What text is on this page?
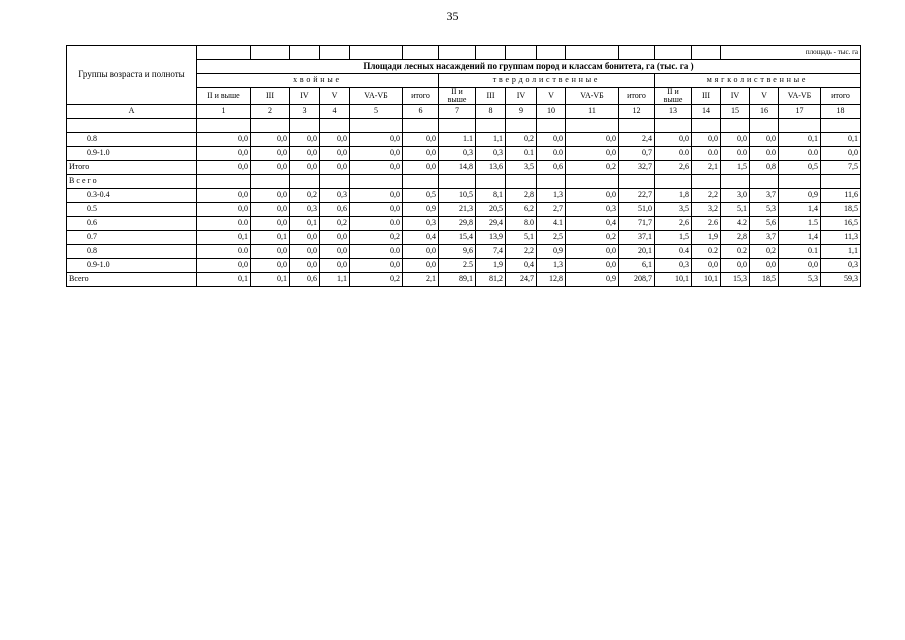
35
Группы возраста и полноты															площадь - тыс. га			
	Площади лесных насаждений по группам пород и классам бонитета, га (тыс. га )																	
	хвойные						твердолиственные						мягколиственные					
	II и выше	III	IV	V	VA-VБ	итого	II и выше	III	IV	V	VA-VБ	итого	II и выше	III	IV	V	VA-VБ	итого
А	1	2	3	4	5	6	7	8	9	10	11	12	13	14	15	16	17	18

0.8	0,0	0,0	0,0	0,0	0,0	0,0	1.1	1,1	0,2	0,0	0,0	2,4	0,0	0,0	0,0	0,0	0,1	0,1
0.9-1.0	0,0	0,0	0,0	0,0	0,0	0,0	0,3	0,3	0.1	0.0	0,0	0,7	0.0	0.0	0.0	0.0	0.0	0,0
Итого	0,0	0,0	0,0	0,0	0,0	0,0	14,8	13,6	3,5	0,6	0,2	32,7	2,6	2,1	1,5	0,8	0,5	7,5
Всего																		
0.3-0.4	0,0	0,0	0,2	0,3	0,0	0,5	10,5	8,1	2,8	1,3	0,0	22,7	1,8	2,2	3,0	3,7	0,9	11,6
0.5	0,0	0,0	0,3	0,6	0,0	0,9	21,3	20,5	6,2	2,7	0,3	51,0	3,5	3,2	5,1	5,3	1,4	18,5
0.6	0.0	0,0	0,1	0,2	0.0	0,3	29,8	29,4	8.0	4.1	0,4	71,7	2,6	2.6	4.2	5,6	1.5	16,5
0.7	0,1	0,1	0,0	0,0	0,2	0,4	15,4	13,9	5,1	2,5	0,2	37,1	1,5	1,9	2,8	3,7	1,4	11,3
0.8	0.0	0,0	0,0	0,0	0.0	0,0	9,6	7,4	2,2	0,9	0,0	20,1	0.4	0.2	0.2	0,2	0.1	1,1
0.9-1.0	0,0	0,0	0,0	0,0	0,0	0,0	2.5	1,9	0,4	1,3	0,0	6,1	0,3	0,0	0,0	0,0	0,0	0,3
Всего	0,1	0,1	0,6	1,1	0,2	2,1	89,1	81,2	24,7	12,8	0,9	208,7	10,1	10,1	15,3	18,5	5,3	59,3
